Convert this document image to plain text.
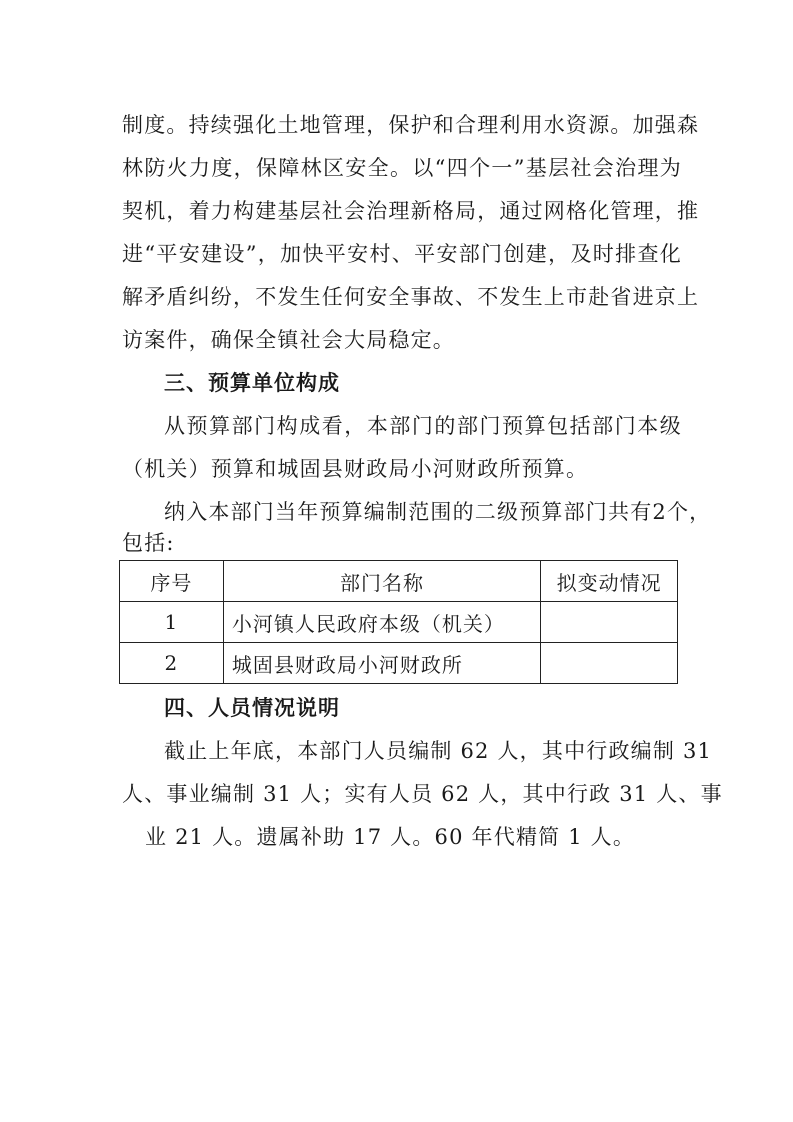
制度。持续强化土地管理，保护和合理利用水资源。加强森
林防火力度，保障林区安全。以“四个一”基层社会治理为
契机，着力构建基层社会治理新格局，通过网格化管理，推
进“平安建设”，加快平安村、平安部门创建，及时排查化
解矛盾纠纷，不发生任何安全事故、不发生上市赴省进京上
访案件，确保全镇社会大局稳定。
三、预算单位构成
从预算部门构成看，本部门的部门预算包括部门本级
（机关）预算和城固县财政局小河财政所预算。
纳入本部门当年预算编制范围的二级预算部门共有2个，
包括:
序号	部门名称	拟变动情况
1	小河镇人民政府本级（机关）	
2	城固县财政局小河财政所	
四、人员情况说明
截止上年底，本部门人员编制 62 人，其中行政编制 31
人、事业编制 31 人；实有人员 62 人，其中行政 31 人、事
业 21 人。遗属补助 17 人。60 年代精简 1 人。
